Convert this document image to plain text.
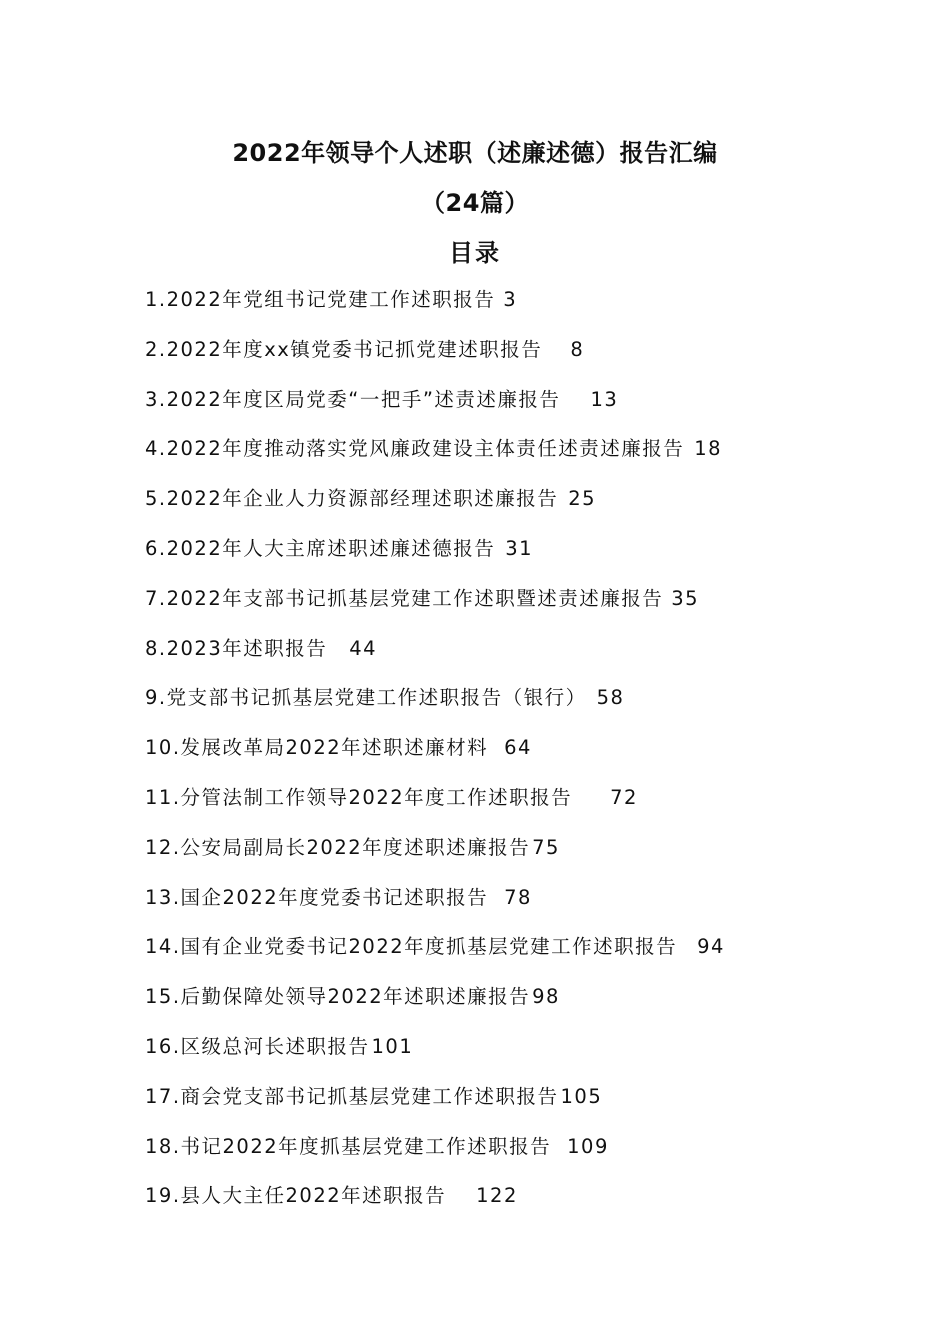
2022年领导个人述职（述廉述德）报告汇编
（24篇）
目录
1.2022年党组书记党建工作述职报告 3
2.2022年度xx镇党委书记抓党建述职报告 8
3.2022年度区局党委“一把手”述责述廉报告 13
4.2022年度推动落实党风廉政建设主体责任述责述廉报告 18
5.2022年企业人力资源部经理述职述廉报告 25
6.2022年人大主席述职述廉述德报告 31
7.2022年支部书记抓基层党建工作述职暨述责述廉报告 35
8.2023年述职报告 44
9.党支部书记抓基层党建工作述职报告（银行） 58
10.发展改革局2022年述职述廉材料 64
11.分管法制工作领导2022年度工作述职报告 72
12.公安局副局长2022年度述职述廉报告 75
13.国企2022年度党委书记述职报告 78
14.国有企业党委书记2022年度抓基层党建工作述职报告 94
15.后勤保障处领导2022年述职述廉报告 98
16.区级总河长述职报告 101
17.商会党支部书记抓基层党建工作述职报告 105
18.书记2022年度抓基层党建工作述职报告 109
19.县人大主任2022年述职报告 122
